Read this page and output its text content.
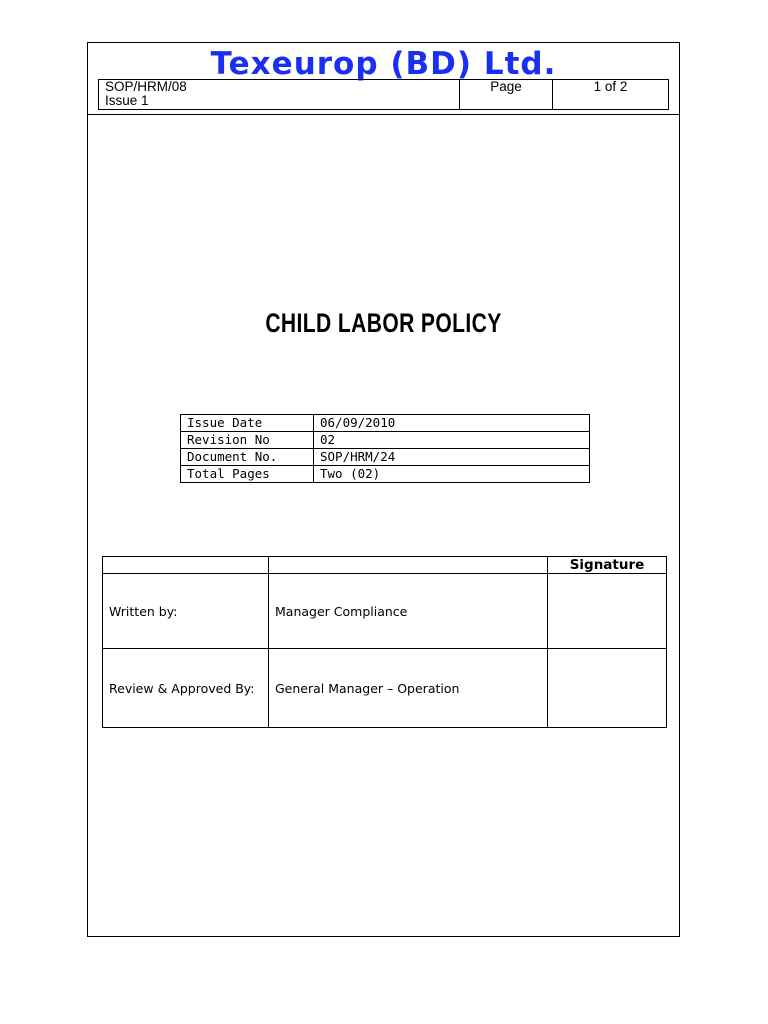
Texeurop (BD) Ltd.
SOP/HRM/08
Issue 1
	Page	1 of 2
CHILD LABOR POLICY
Issue Date	06/09/2010
Revision No	02
Document No.	SOP/HRM/24
Total Pages	Two (02)
		Signature
Written by:	Manager Compliance	
Review & Approved By:	General Manager – Operation	
